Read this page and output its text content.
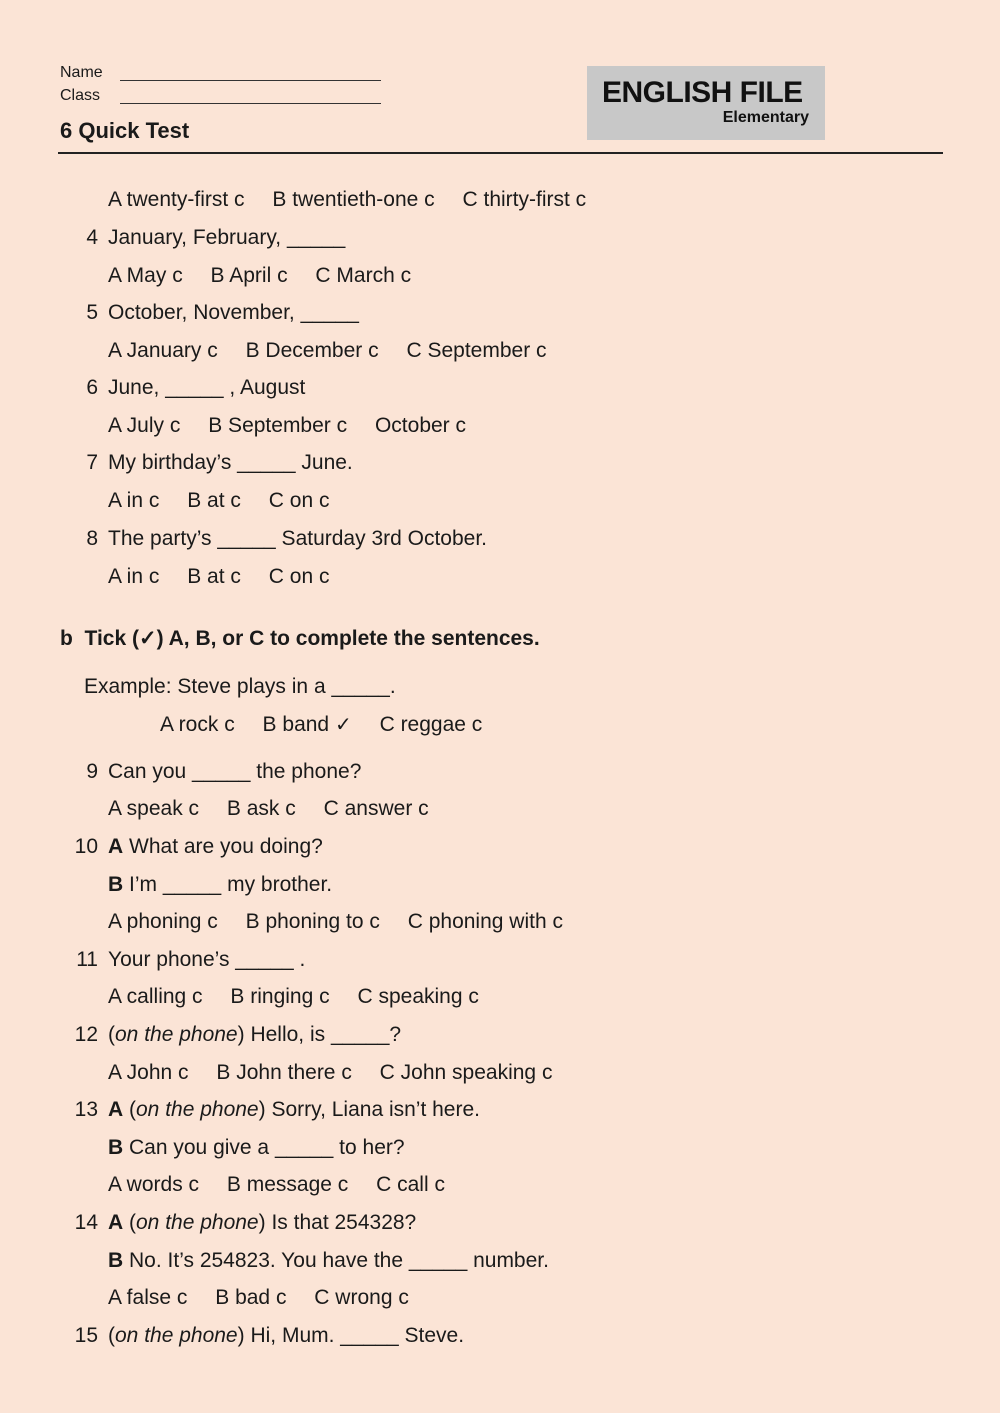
Name
Class
6 Quick Test
ENGLISH FILE
Elementary
A twenty-first c B twentieth-one c C thirty-first c
4 January, February, _____
A May c B April c C March c
5 October, November, _____
A January c B December c C September c
6 June, _____ , August
A July c B September c October c
7 My birthday’s _____ June.
A in c B at c C on c
8 The party’s _____ Saturday 3rd October.
A in c B at c C on c
b Tick (✓) A, B, or C to complete the sentences.
Example: Steve plays in a _____.
A rock c B band ✓ C reggae c
9 Can you _____ the phone?
A speak c B ask c C answer c
10 A What are you doing?
B I’m _____ my brother.
A phoning c B phoning to c C phoning with c
11 Your phone’s _____ .
A calling c B ringing c C speaking c
12 (on the phone) Hello, is _____?
A John c B John there c C John speaking c
13 A (on the phone) Sorry, Liana isn’t here.
B Can you give a _____ to her?
A words c B message c C call c
14 A (on the phone) Is that 254328?
B No. It’s 254823. You have the _____ number.
A false c B bad c C wrong c
15 (on the phone) Hi, Mum. _____ Steve.
